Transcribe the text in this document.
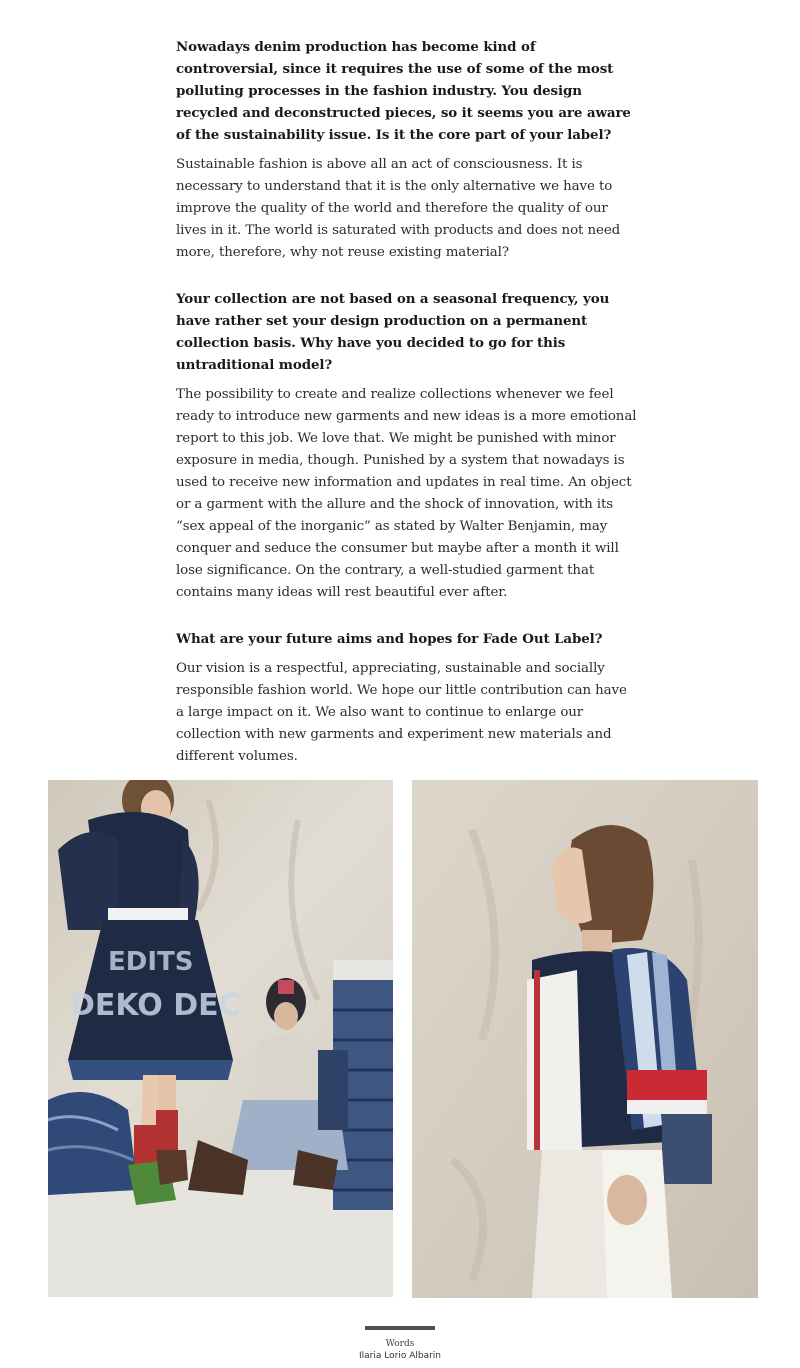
Nowadays denim production has become kind of controversial, since it requires the use of some of the most polluting processes in the fashion industry. You design recycled and deconstructed pieces, so it seems you are aware of the sustainability issue. Is it the core part of your label?

Sustainable fashion is above all an act of consciousness. It is necessary to understand that it is the only alternative we have to improve the quality of the world and therefore the quality of our lives in it. The world is saturated with products and does not need more, therefore, why not reuse existing material?

Your collection are not based on a seasonal frequency, you have rather set your design production on a permanent collection basis. Why have you decided to go for this untraditional model?

The possibility to create and realize collections whenever we feel ready to introduce new garments and new ideas is a more emotional report to this job. We love that. We might be punished with minor exposure in media, though. Punished by a system that nowadays is used to receive new information and updates in real time. An object or a garment with the allure and the shock of innovation, with its “sex appeal of the inorganic” as stated by Walter Benjamin, may conquer and seduce the consumer but maybe after a month it will lose significance. On the contrary, a well-studied garment that contains many ideas will rest beautiful ever after.

What are your future aims and hopes for Fade Out Label?

Our vision is a respectful, appreciating, sustainable and socially responsible fashion world. We hope our little contribution can have a large impact on it. We also want to continue to enlarge our collection with new garments and experiment new materials and different volumes.

DEKO DEC
EDITS
Words
Ilaria Lorio Albarin
